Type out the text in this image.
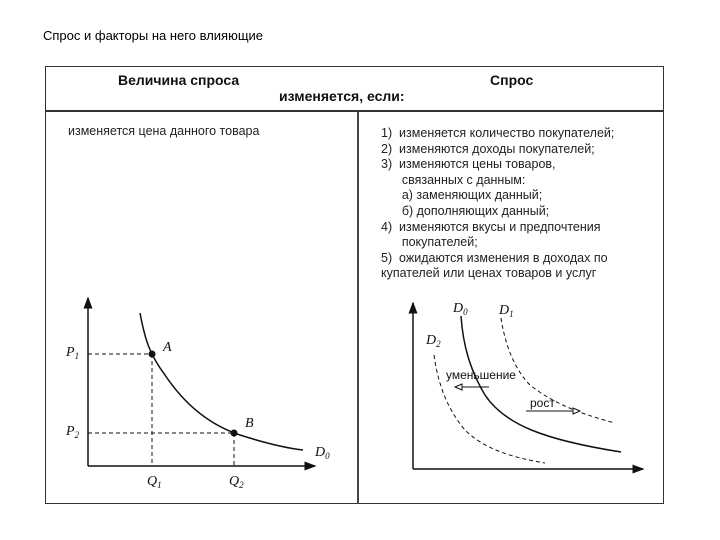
Спрос и факторы на него влияющие
Величина спроса	Спрос
изменяется, если:
изменяется цена данного товара	1)  изменяется количество покупателей;
2)  изменяются доходы покупателей;
3)  изменяются цены товаров,
связанных с данным:
а) заменяющих данный;
б) дополняющих данный;
4)  изменяются вкусы и предпочтения
покупателей;
5)  ожидаются изменения в доходах по
купателей или ценах товаров и услуг
$P_1$
$P_2$
$Q_1$	$Q_2$
A
B
$D_0$
уменьшение
рост
$D_0$ $D_1$
$D_2$
